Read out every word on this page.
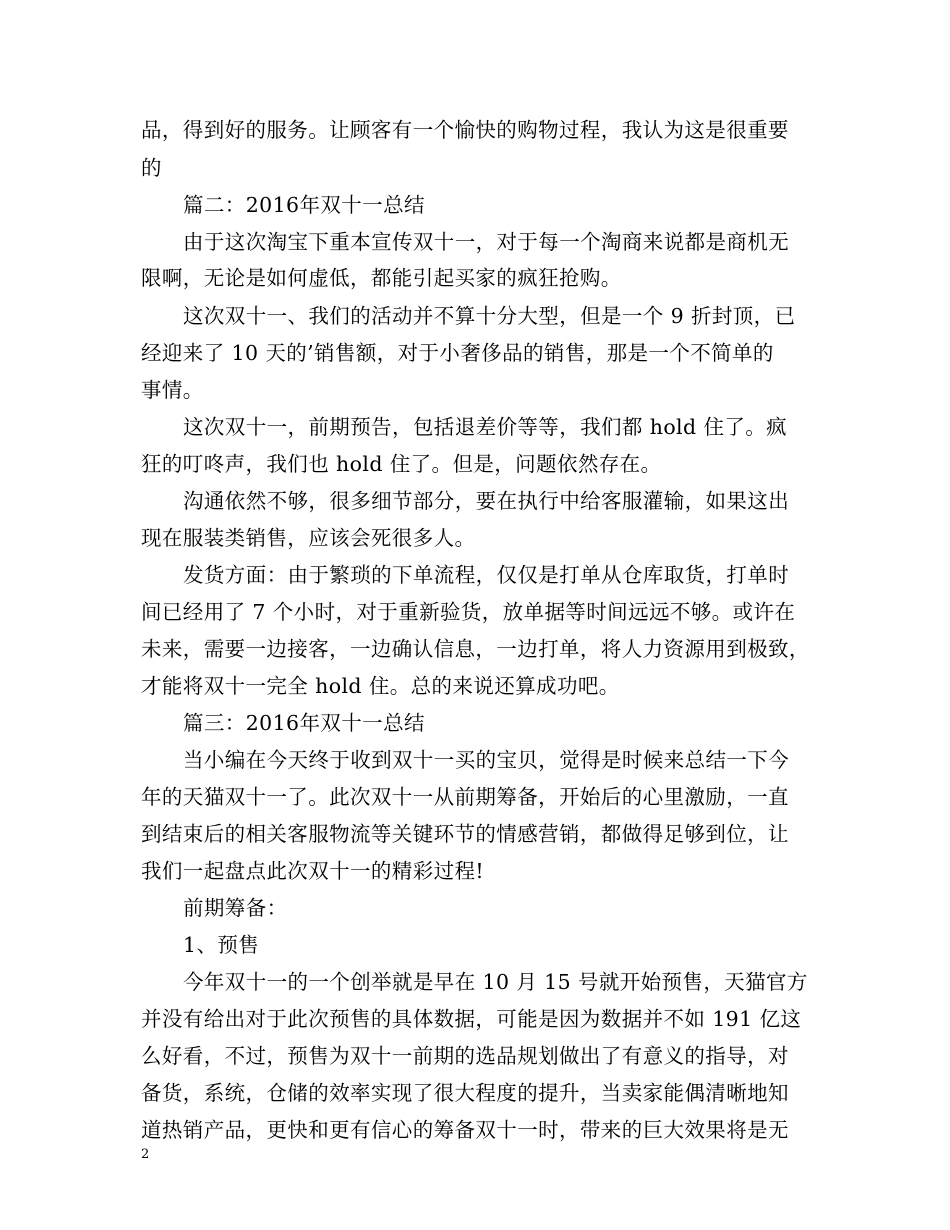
品，得到好的服务。让顾客有一个愉快的购物过程，我认为这是很重要
的
篇二：2016年双十一总结
由于这次淘宝下重本宣传双十一，对于每一个淘商来说都是商机无
限啊，无论是如何虚低，都能引起买家的疯狂抢购。
这次双十一、我们的活动并不算十分大型，但是一个 9 折封顶，已
经迎来了 10 天的’销售额，对于小奢侈品的销售，那是一个不简单的
事情。
这次双十一，前期预告，包括退差价等等，我们都 hold 住了。疯
狂的叮咚声，我们也 hold 住了。但是，问题依然存在。
沟通依然不够，很多细节部分，要在执行中给客服灌输，如果这出
现在服装类销售，应该会死很多人。
发货方面：由于繁琐的下单流程，仅仅是打单从仓库取货，打单时
间已经用了 7 个小时，对于重新验货，放单据等时间远远不够。或许在
未来，需要一边接客，一边确认信息，一边打单，将人力资源用到极致，
才能将双十一完全 hold 住。总的来说还算成功吧。
篇三：2016年双十一总结
当小编在今天终于收到双十一买的宝贝，觉得是时候来总结一下今
年的天猫双十一了。此次双十一从前期筹备，开始后的心里激励，一直
到结束后的相关客服物流等关键环节的情感营销，都做得足够到位，让
我们一起盘点此次双十一的精彩过程!
前期筹备：
1、预售
今年双十一的一个创举就是早在 10 月 15 号就开始预售，天猫官方
并没有给出对于此次预售的具体数据，可能是因为数据并不如 191 亿这
么好看，不过，预售为双十一前期的选品规划做出了有意义的指导，对
备货，系统，仓储的效率实现了很大程度的提升，当卖家能偶清晰地知
道热销产品，更快和更有信心的筹备双十一时，带来的巨大效果将是无
2
